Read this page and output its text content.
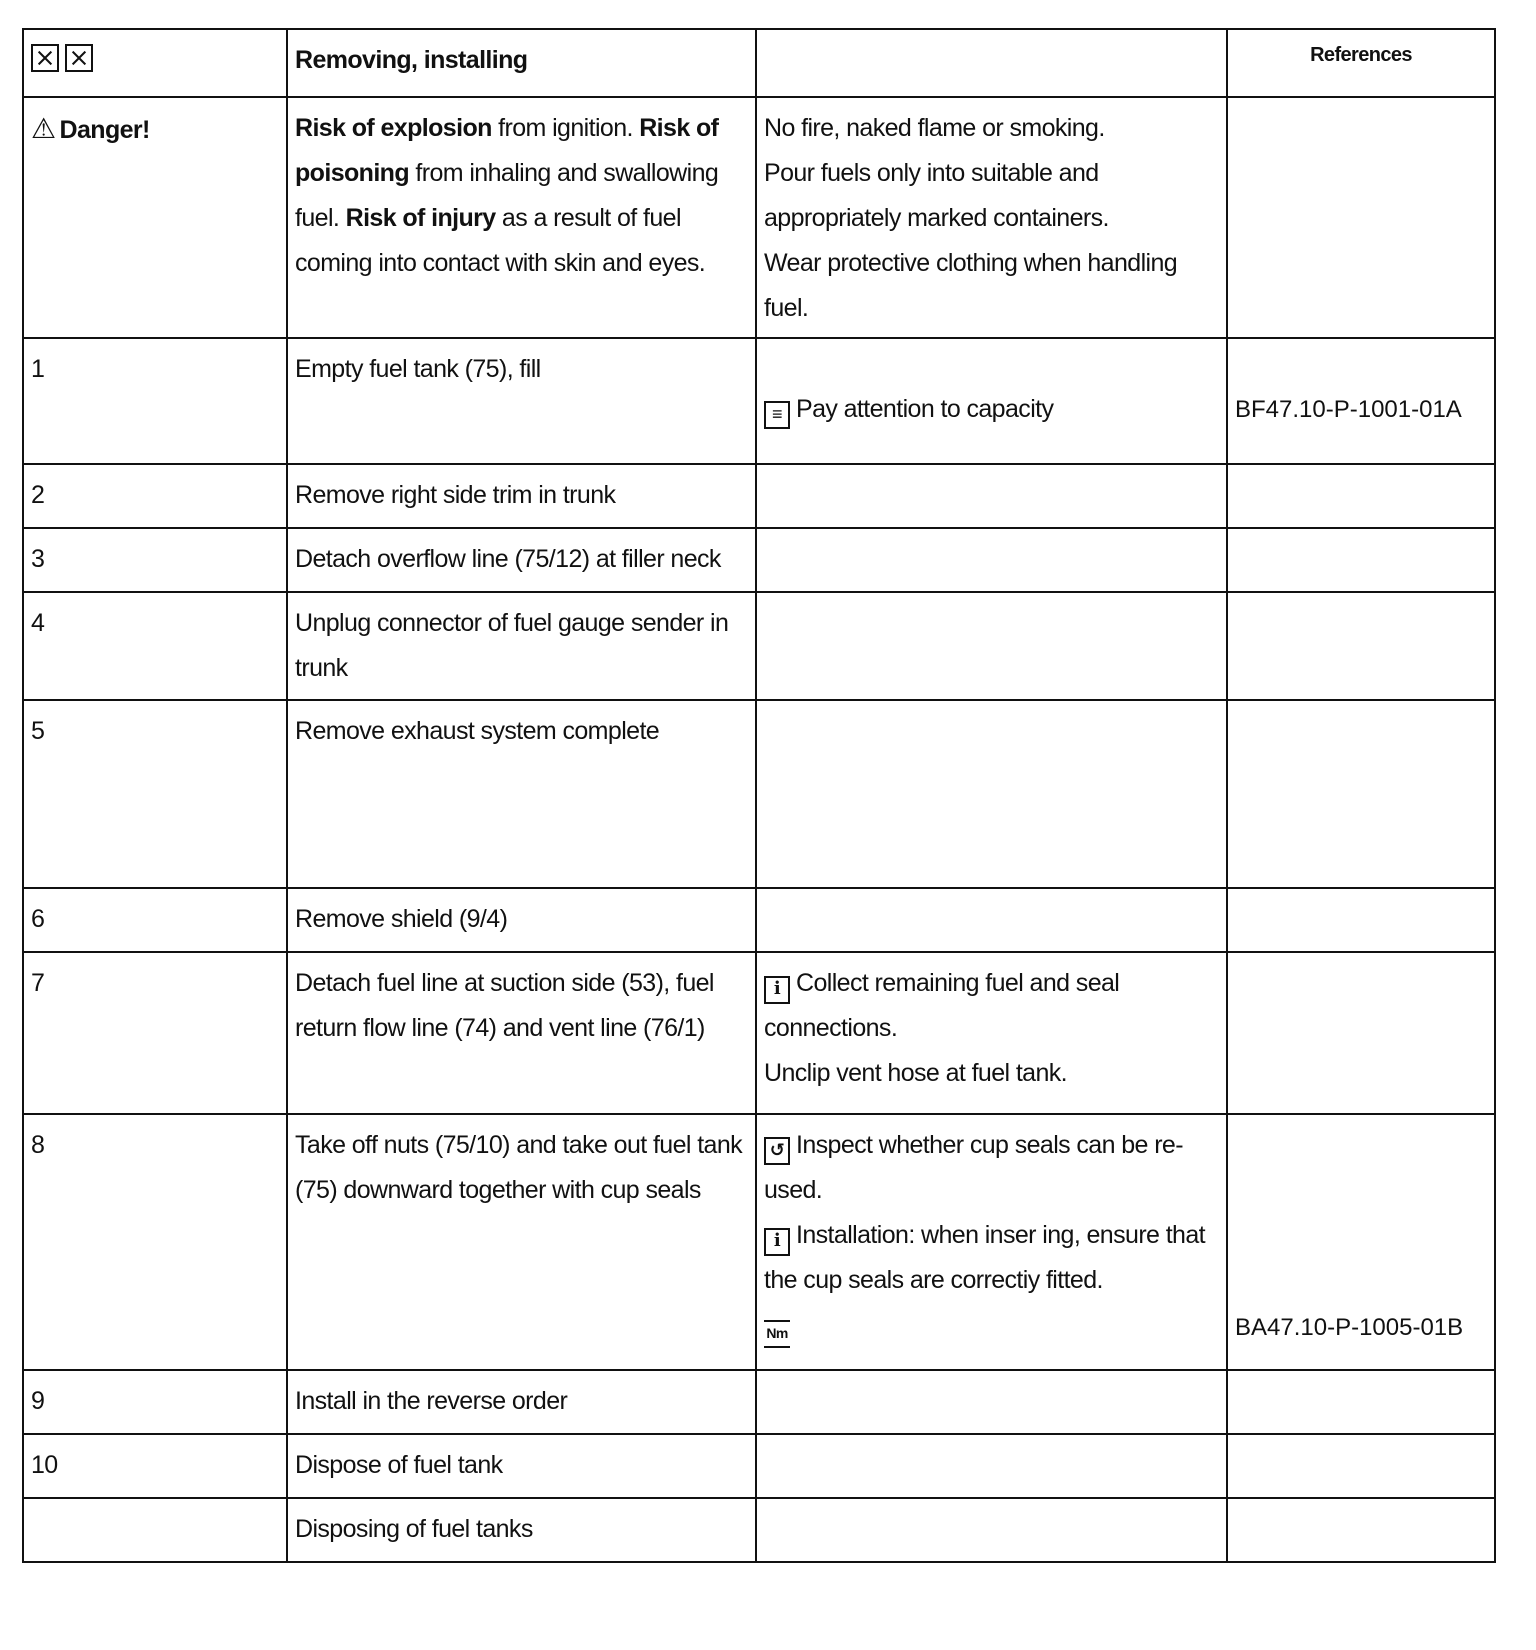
	Removing, installing		References
⚠ Danger!	Risk of explosion from ignition. Risk of poisoning from inhaling and swallowing fuel. Risk of injury as a result of fuel coming into contact with skin and eyes.	No fire, naked flame or smoking.
Pour fuels only into suitable and appropriately marked containers.
Wear protective clothing when handling fuel.	

1	Empty fuel tank (75), fill	≡ Pay attention to capacity	BF47.10-P-1001-01A

2	Remove right side trim in trunk		
3	Detach overflow line (75/12) at filler neck		
4	Unplug connector of fuel gauge sender in trunk		
5	Remove exhaust system complete		
6	Remove shield (9/4)		
7	Detach fuel line at suction side (53), fuel return flow line (74) and vent line (76/1)	i Collect remaining fuel and seal connections.
Unclip vent hose at fuel tank.	

8	Take off nuts (75/10) and take out fuel tank (75) downward together with cup seals	↺ Inspect whether cup seals can be re-used.
i Installation: when inser ing, ensure that the cup seals are correctiy fitted.
Nm	BA47.10-P-1005-01B

9	Install in the reverse order		
10	Dispose of fuel tank		
	Disposing of fuel tanks		
